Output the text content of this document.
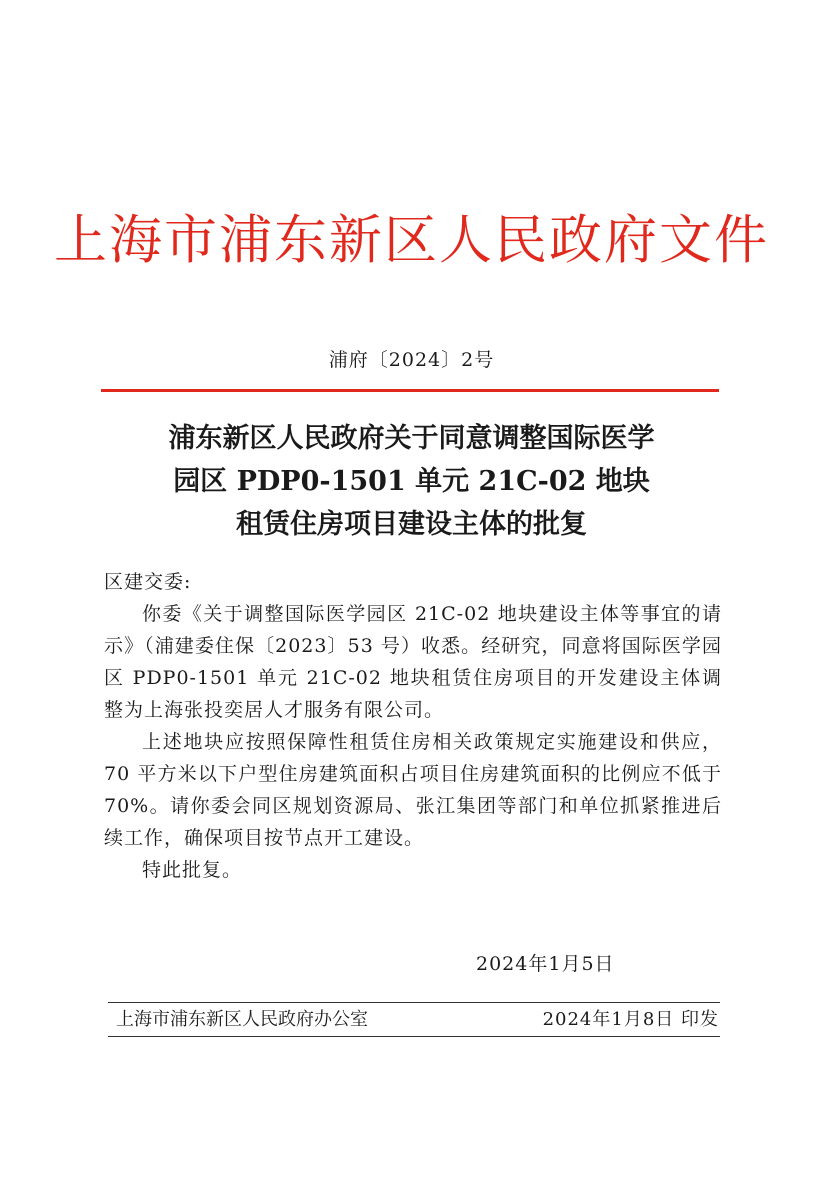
上海市浦东新区人民政府文件
浦府〔2024〕2号
浦东新区人民政府关于同意调整国际医学
园区 PDP0-1501 单元 21C-02 地块
租赁住房项目建设主体的批复
区建交委:

你委《关于调整国际医学园区 21C-02 地块建设主体等事宜的请示》（浦建委住保〔2023〕53 号）收悉。经研究，同意将国际医学园区 PDP0-1501 单元 21C-02 地块租赁住房项目的开发建设主体调整为上海张投奕居人才服务有限公司。

上述地块应按照保障性租赁住房相关政策规定实施建设和供应，70 平方米以下户型住房建筑面积占项目住房建筑面积的比例应不低于 70%。请你委会同区规划资源局、张江集团等部门和单位抓紧推进后续工作，确保项目按节点开工建设。

特此批复。

2024年1月5日
上海市浦东新区人民政府办公室	2024年1月8日 印发
